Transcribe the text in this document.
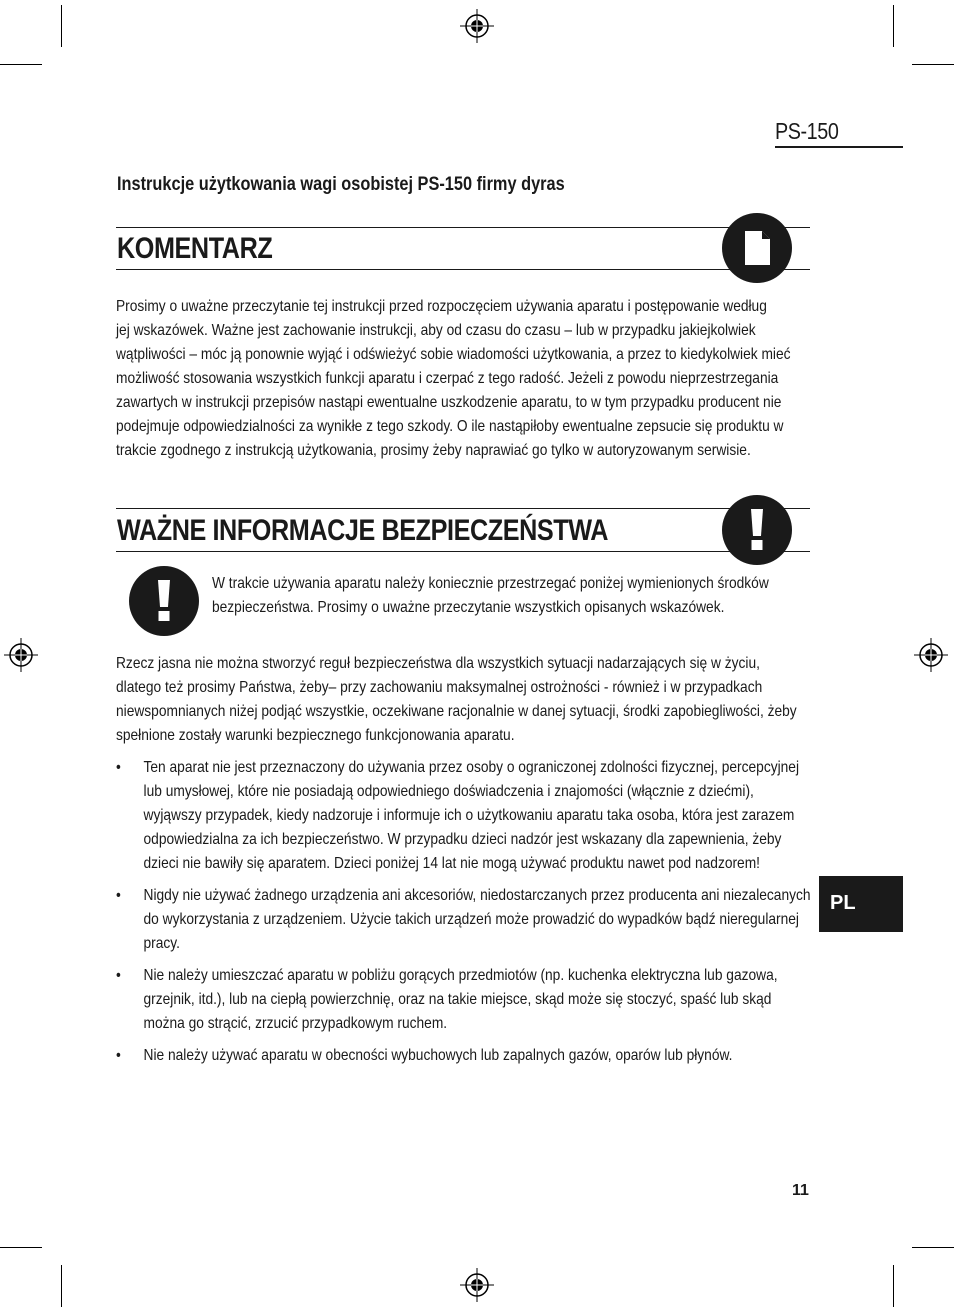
PS-150
Instrukcje użytkowania wagi osobistej PS-150 firmy dyras
KOMENTARZ

Prosimy o uważne przeczytanie tej instrukcji przed rozpoczęciem używania aparatu i postępowanie według

jej wskazówek. Ważne jest zachowanie instrukcji, aby od czasu do czasu – lub w przypadku jakiejkolwiek

wątpliwości – móc ją ponownie wyjąć i odświeżyć sobie wiadomości użytkowania, a przez to kiedykolwiek mieć

możliwość stosowania wszystkich funkcji aparatu i czerpać z tego radość. Jeżeli z powodu nieprzestrzegania

zawartych w instrukcji przepisów nastąpi ewentualne uszkodzenie aparatu, to w tym przypadku producent nie

podejmuje odpowiedzialności za wynikłe z tego szkody. O ile nastąpiłoby ewentualne zepsucie się produktu w

trakcie zgodnego z instrukcją użytkowania, prosimy żeby naprawiać go tylko w autoryzowanym serwisie.

WAŻNE INFORMACJE BEZPIECZEŃSTWA

W trakcie używania aparatu należy koniecznie przestrzegać poniżej wymienionych środków

bezpieczeństwa. Prosimy o uważne przeczytanie wszystkich opisanych wskazówek.

Rzecz jasna nie można stworzyć reguł bezpieczeństwa dla wszystkich sytuacji nadarzających się w życiu,

dlatego też prosimy Państwa, żeby– przy zachowaniu maksymalnej ostrożności - również i w przypadkach

niewspomnianych niżej podjąć wszystkie, oczekiwane racjonalnie w danej sytuacji, środki zapobiegliwości, żeby

spełnione zostały warunki bezpiecznego funkcjonowania aparatu.

• Ten aparat nie jest przeznaczony do używania przez osoby o ograniczonej zdolności fizycznej, percepcyjnej lub umysłowej, które nie posiadają odpowiedniego doświadczenia i znajomości (włącznie z dziećmi), wyjąwszy przypadek, kiedy nadzoruje i informuje ich o użytkowaniu aparatu taka osoba, która jest zarazem odpowiedzialna za ich bezpieczeństwo. W przypadku dzieci nadzór jest wskazany dla zapewnienia, żeby dzieci nie bawiły się aparatem. Dzieci poniżej 14 lat nie mogą używać produktu nawet pod nadzorem!
• Nigdy nie używać żadnego urządzenia ani akcesoriów, niedostarczanych przez producenta ani niezalecanych do wykorzystania z urządzeniem. Użycie takich urządzeń może prowadzić do wypadków bądź nieregularnej pracy.
• Nie należy umieszczać aparatu w pobliżu gorących przedmiotów (np. kuchenka elektryczna lub gazowa, grzejnik, itd.), lub na ciepłą powierzchnię, oraz na takie miejsce, skąd może się stoczyć, spaść lub skąd można go strącić, zrzucić przypadkowym ruchem.
• Nie należy używać aparatu w obecności wybuchowych lub zapalnych gazów, oparów lub płynów.
PL
11
